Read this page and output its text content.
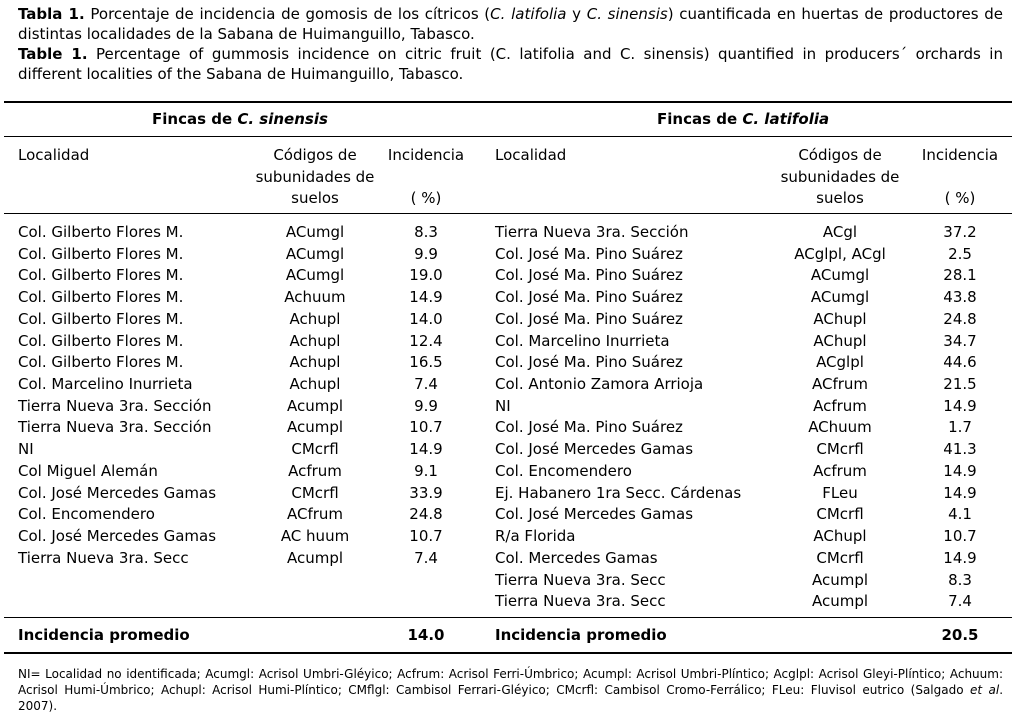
Tabla 1. Porcentaje de incidencia de gomosis de los cítricos (C. latifolia y C. sinensis) cuantificada en huertas de productores de distintas localidades de la Sabana de Huimanguillo, Tabasco.

Table 1. Percentage of gummosis incidence on citric fruit (C. latifolia and C. sinensis) quantified in producers´ orchards in different localities of the Sabana de Huimanguillo, Tabasco.

Fincas de C. sinensis	Fincas de C. latifolia
Localidad	Códigos de subunidades de suelos
Incidencia
( %)
Localidad	Códigos de subunidades de suelos
Incidencia
( %)
Col. Gilberto Flores M.	ACumgl	8.3
Col. Gilberto Flores M.	ACumgl	9.9
Col. Gilberto Flores M.	ACumgl	19.0
Col. Gilberto Flores M.	Achuum	14.9
Col. Gilberto Flores M.	Achupl	14.0
Col. Gilberto Flores M.	Achupl	12.4
Col. Gilberto Flores M.	Achupl	16.5
Col. Marcelino Inurrieta	Achupl	7.4
Tierra Nueva 3ra. Sección	Acumpl	9.9
Tierra Nueva 3ra. Sección	Acumpl	10.7
NI	CMcrfl	14.9
Col Miguel Alemán	Acfrum	9.1
Col. José Mercedes Gamas	CMcrfl	33.9
Col. Encomendero	ACfrum	24.8
Col. José Mercedes Gamas	AC huum	10.7
Tierra Nueva 3ra. Secc	Acumpl	7.4
Tierra Nueva 3ra. Sección	ACgl	37.2
Col. José Ma. Pino Suárez	ACglpl, ACgl	2.5
Col. José Ma. Pino Suárez	ACumgl	28.1
Col. José Ma. Pino Suárez	ACumgl	43.8
Col. José Ma. Pino Suárez	AChupl	24.8
Col. Marcelino Inurrieta	AChupl	34.7
Col. José Ma. Pino Suárez	ACglpl	44.6
Col. Antonio Zamora Arrioja	ACfrum	21.5
NI	Acfrum	14.9
Col. José Ma. Pino Suárez	AChuum	1.7
Col. José Mercedes Gamas	CMcrfl	41.3
Col. Encomendero	Acfrum	14.9
Ej. Habanero 1ra Secc. Cárdenas	FLeu	14.9
Col. José Mercedes Gamas	CMcrfl	4.1
R/a Florida	AChupl	10.7
Col. Mercedes Gamas	CMcrfl	14.9
Tierra Nueva 3ra. Secc	Acumpl	8.3
Tierra Nueva 3ra. Secc	Acumpl	7.4
Incidencia promedio	14.0	Incidencia promedio	20.5
NI= Localidad no identificada; Acumgl: Acrisol Umbri-Gléyico; Acfrum: Acrisol Ferri-Úmbrico; Acumpl: Acrisol Umbri-Plíntico; Acglpl: Acrisol Gleyi-Plíntico; Achuum: Acrisol Humi-Úmbrico; Achupl: Acrisol Humi-Plíntico; CMflgl: Cambisol Ferrari-Gléyico; CMcrfl: Cambisol Cromo-Ferrálico; FLeu: Fluvisol eutrico (Salgado et al. 2007).
